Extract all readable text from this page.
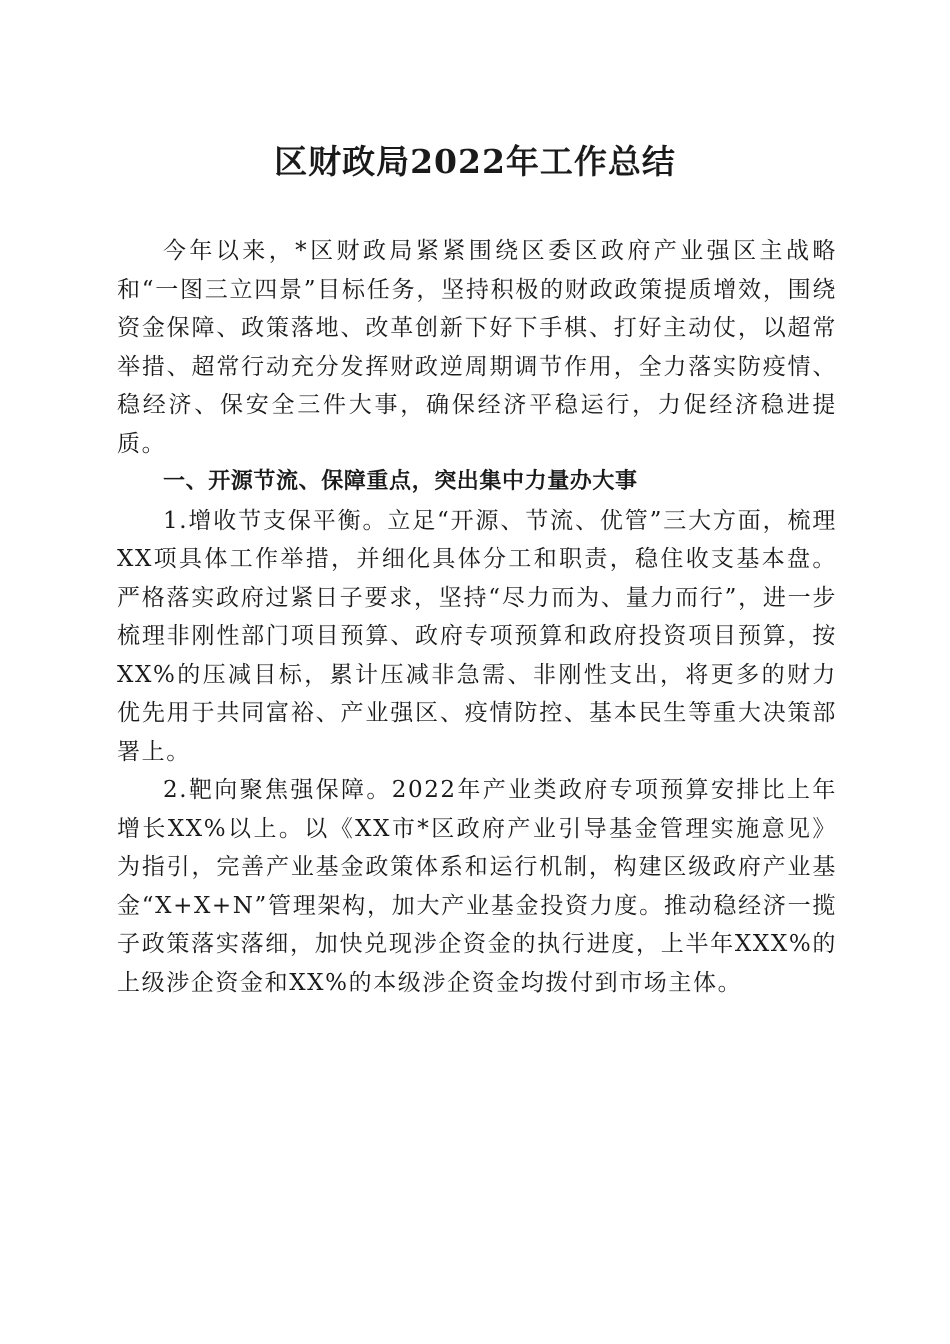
区财政局2022年工作总结

今年以来，*区财政局紧紧围绕区委区政府产业强区主战略和“一图三立四景”目标任务，坚持积极的财政政策提质增效，围绕资金保障、政策落地、改革创新下好下手棋、打好主动仗，以超常举措、超常行动充分发挥财政逆周期调节作用，全力落实防疫情、稳经济、保安全三件大事，确保经济平稳运行，力促经济稳进提质。

一、开源节流、保障重点，突出集中力量办大事

1.增收节支保平衡。立足“开源、节流、优管”三大方面，梳理XX项具体工作举措，并细化具体分工和职责，稳住收支基本盘。严格落实政府过紧日子要求，坚持“尽力而为、量力而行”，进一步梳理非刚性部门项目预算、政府专项预算和政府投资项目预算，按XX%的压减目标，累计压减非急需、非刚性支出，将更多的财力优先用于共同富裕、产业强区、疫情防控、基本民生等重大决策部署上。

2.靶向聚焦强保障。2022年产业类政府专项预算安排比上年增长XX%以上。以《XX市*区政府产业引导基金管理实施意见》为指引，完善产业基金政策体系和运行机制，构建区级政府产业基金“X+X+N”管理架构，加大产业基金投资力度。推动稳经济一揽子政策落实落细，加快兑现涉企资金的执行进度，上半年XXX%的上级涉企资金和XX%的本级涉企资金均拨付到市场主体。
